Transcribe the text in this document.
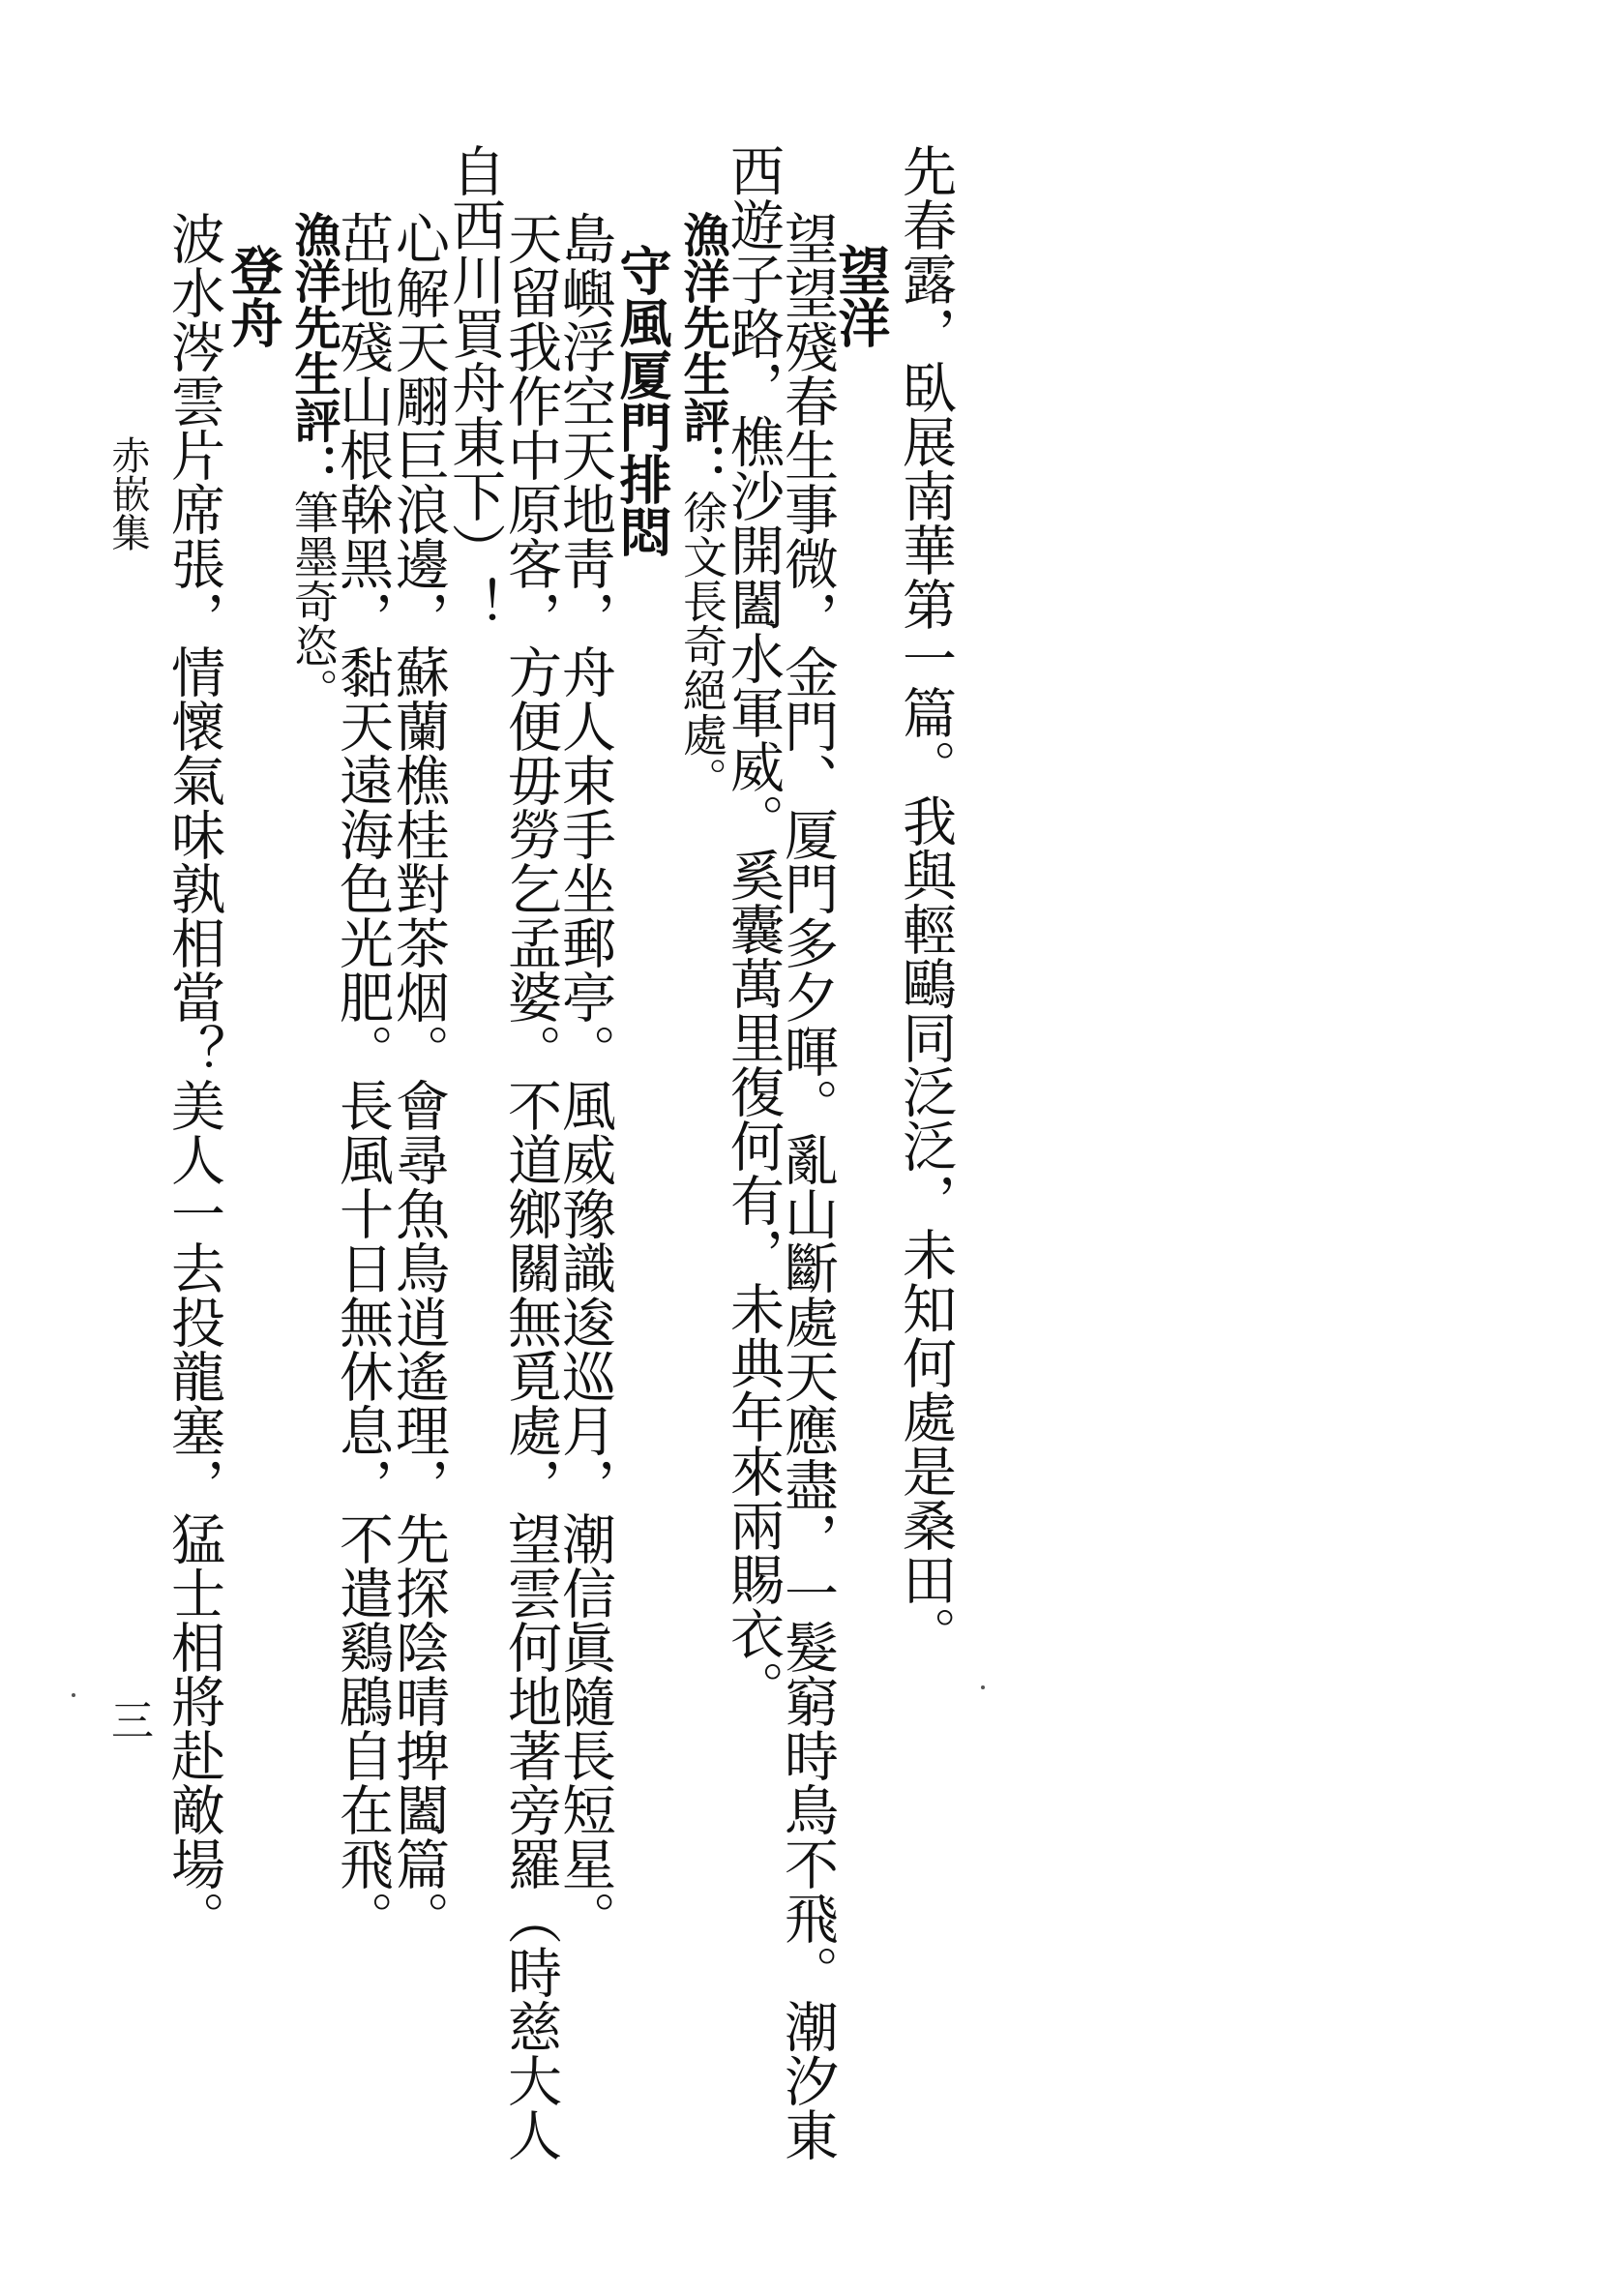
先春露，臥展南華第一篇。我與輕鷗同泛泛，未知何處是桑田。
望洋
望望殘春生事微，金門、厦門多夕暉。亂山斷處天應盡，一髮窮時鳥不飛。潮汐東
西遊子路，樵沙開闔水軍威。奚囊萬里復何有，未典年來兩賜衣。
漁洋先生評：徐文長奇絕處。
守風厦門排悶
島嶼浮空天地靑，舟人束手坐郵亭。風威豫識逡巡月，潮信眞隨長短星。
天留我作中原客，方便毋勞乞孟婆。不道鄉關無覓處，望雲何地著旁羅（時慈大人
自西川買舟東下）！
心解天翢巨浪邊，蘇蘭樵桂對茶烟。會尋魚鳥逍遙理，先探陰晴捭闔篇。
茁地殘山根榦黑，黏天遠海色光肥。長風十日無休息，不遣鷄鶋自在飛。
漁洋先生評：筆墨奇恣。
登舟
波水涔雲片席張，情懷氣味孰相當？美人一去投龍塞，猛士相將赴敵場。
赤嵌集
三
